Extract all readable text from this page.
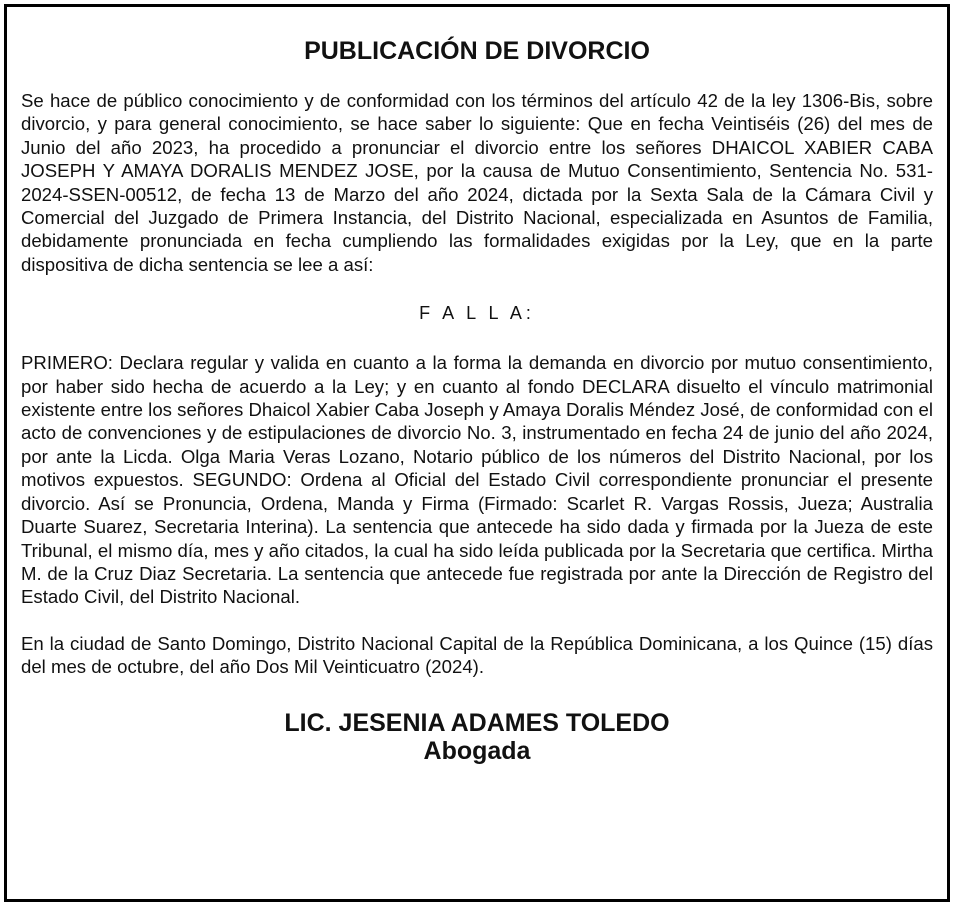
PUBLICACIÓN DE DIVORCIO

Se hace de público conocimiento y de conformidad con los términos del artículo 42 de la ley 1306-Bis, sobre divorcio, y para general conocimiento, se hace saber lo siguiente: Que en fecha Veintiséis (26) del mes de Junio del año 2023, ha procedido a pronunciar el divorcio entre los señores DHAICOL XABIER CABA JOSEPH Y AMAYA DORALIS MENDEZ JOSE, por la causa de Mutuo Consentimiento, Sentencia No. 531-2024-SSEN-00512, de fecha 13 de Marzo del año 2024, dictada por la Sexta Sala de la Cámara Civil y Comercial del Juzgado de Primera Instancia, del Distrito Nacional, especializada en Asuntos de Familia, debidamente pronunciada en fecha cumpliendo las formalidades exigidas por la Ley, que en la parte dispositiva de dicha sentencia se lee a así:

F A L L A:

PRIMERO: Declara regular y valida en cuanto a la forma la demanda en divorcio por mutuo consentimiento, por haber sido hecha de acuerdo a la Ley; y en cuanto al fondo DECLARA disuelto el vínculo matrimonial existente entre los señores Dhaicol Xabier Caba Joseph y Amaya Doralis Méndez José, de conformidad con el acto de convenciones y de estipulaciones de divorcio No. 3, instrumentado en fecha 24 de junio del año 2024, por ante la Licda. Olga Maria Veras Lozano, Notario público de los números del Distrito Nacional, por los motivos expuestos. SEGUNDO: Ordena al Oficial del Estado Civil correspondiente pronunciar el presente divorcio. Así se Pronuncia, Ordena, Manda y Firma (Firmado: Scarlet R. Vargas Rossis, Jueza; Australia Duarte Suarez, Secretaria Interina). La sentencia que antecede ha sido dada y firmada por la Jueza de este Tribunal, el mismo día, mes y año citados, la cual ha sido leída publicada por la Secretaria que certifica. Mirtha M. de la Cruz Diaz Secretaria. La sentencia que antecede fue registrada por ante la Dirección de Registro del Estado Civil, del Distrito Nacional.

En la ciudad de Santo Domingo, Distrito Nacional Capital de la República Dominicana, a los Quince (15) días del mes de octubre, del año Dos Mil Veinticuatro (2024).

LIC. JESENIA ADAMES TOLEDO

Abogada
